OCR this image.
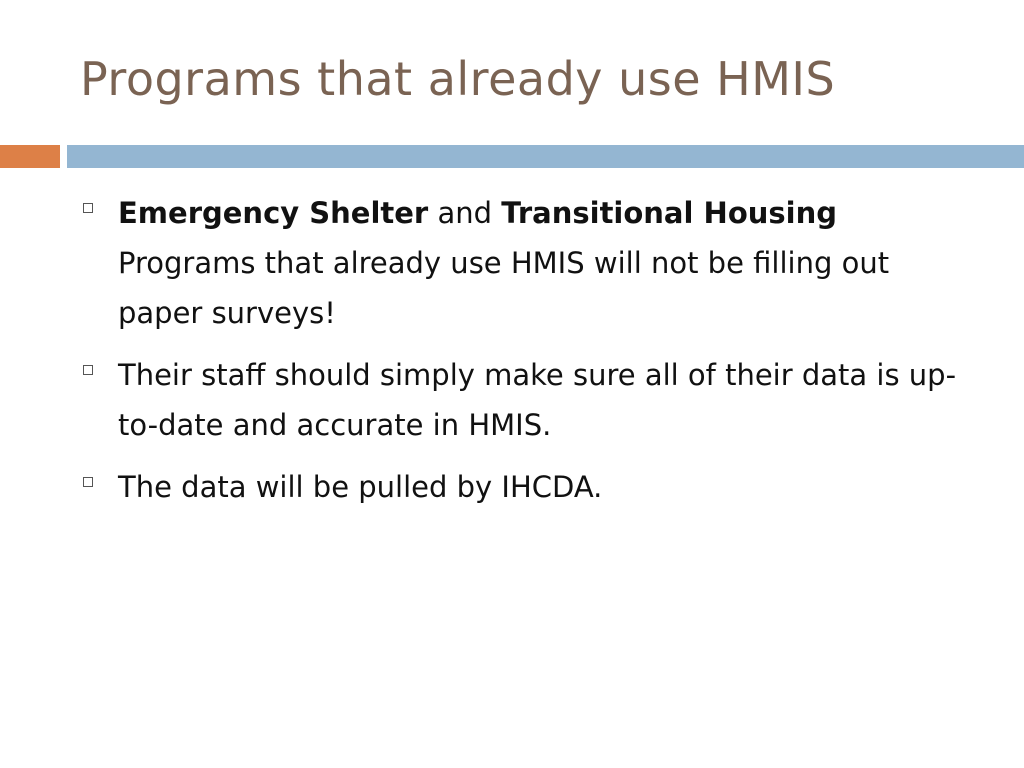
Programs that already use HMIS
Emergency Shelter and Transitional Housing Programs that already use HMIS will not be filling out paper surveys!
Their staff should simply make sure all of their data is up-to-date and accurate in HMIS.
The data will be pulled by IHCDA.
